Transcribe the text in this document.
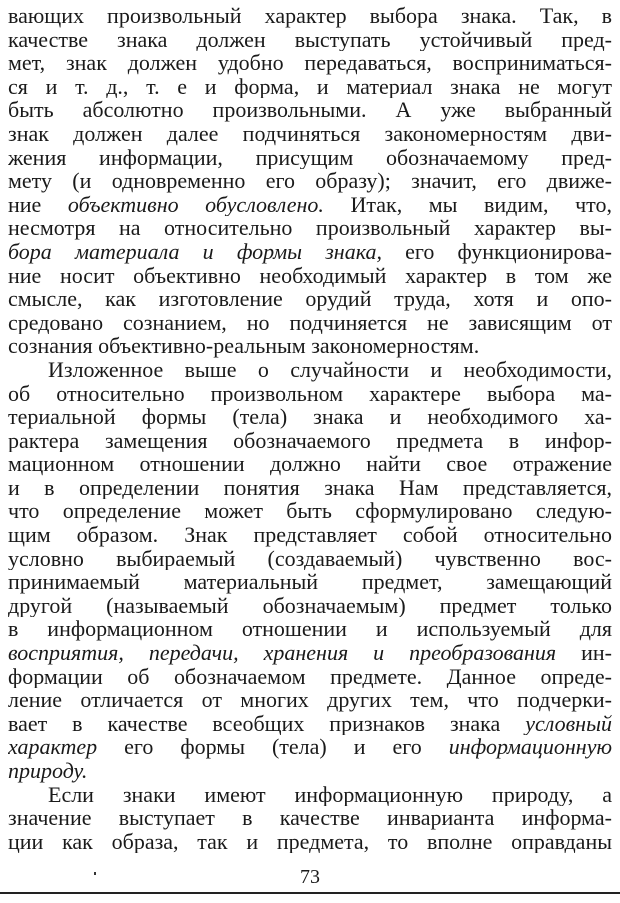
вающих произвольный характер выбора знака. Так, в
качестве знака должен выступать устойчивый пред-
мет, знак должен удобно передаваться, восприниматься-
ся и т. д., т. е и форма, и материал знака не могут
быть абсолютно произвольными. А уже выбранный
знак должен далее подчиняться закономерностям дви-
жения информации, присущим обозначаемому пред-
мету (и одновременно его образу); значит, его движе-
ние объективно обусловлено. Итак, мы видим, что,
несмотря на относительно произвольный характер вы-
бора материала и формы знака, его функционирова-
ние носит объективно необходимый характер в том же
смысле, как изготовление орудий труда, хотя и опо-
средовано сознанием, но подчиняется не зависящим от
сознания объективно-реальным закономерностям.
Изложенное выше о случайности и необходимости,
об относительно произвольном характере выбора ма-
териальной формы (тела) знака и необходимого ха-
рактера замещения обозначаемого предмета в инфор-
мационном отношении должно найти свое отражение
и в определении понятия знака Нам представляется,
что определение может быть сформулировано следую-
щим образом. Знак представляет собой относительно
условно выбираемый (создаваемый) чувственно вос-
принимаемый материальный предмет, замещающий
другой (называемый обозначаемым) предмет только
в информационном отношении и используемый для
восприятия, передачи, хранения и преобразования ин-
формации об обозначаемом предмете. Данное опреде-
ление отличается от многих других тем, что подчерки-
вает в качестве всеобщих признаков знака условный
характер его формы (тела) и его информационную
природу.
Если знаки имеют информационную природу, а
значение выступает в качестве инварианта информа-
ции как образа, так и предмета, то вполне оправданы
73
